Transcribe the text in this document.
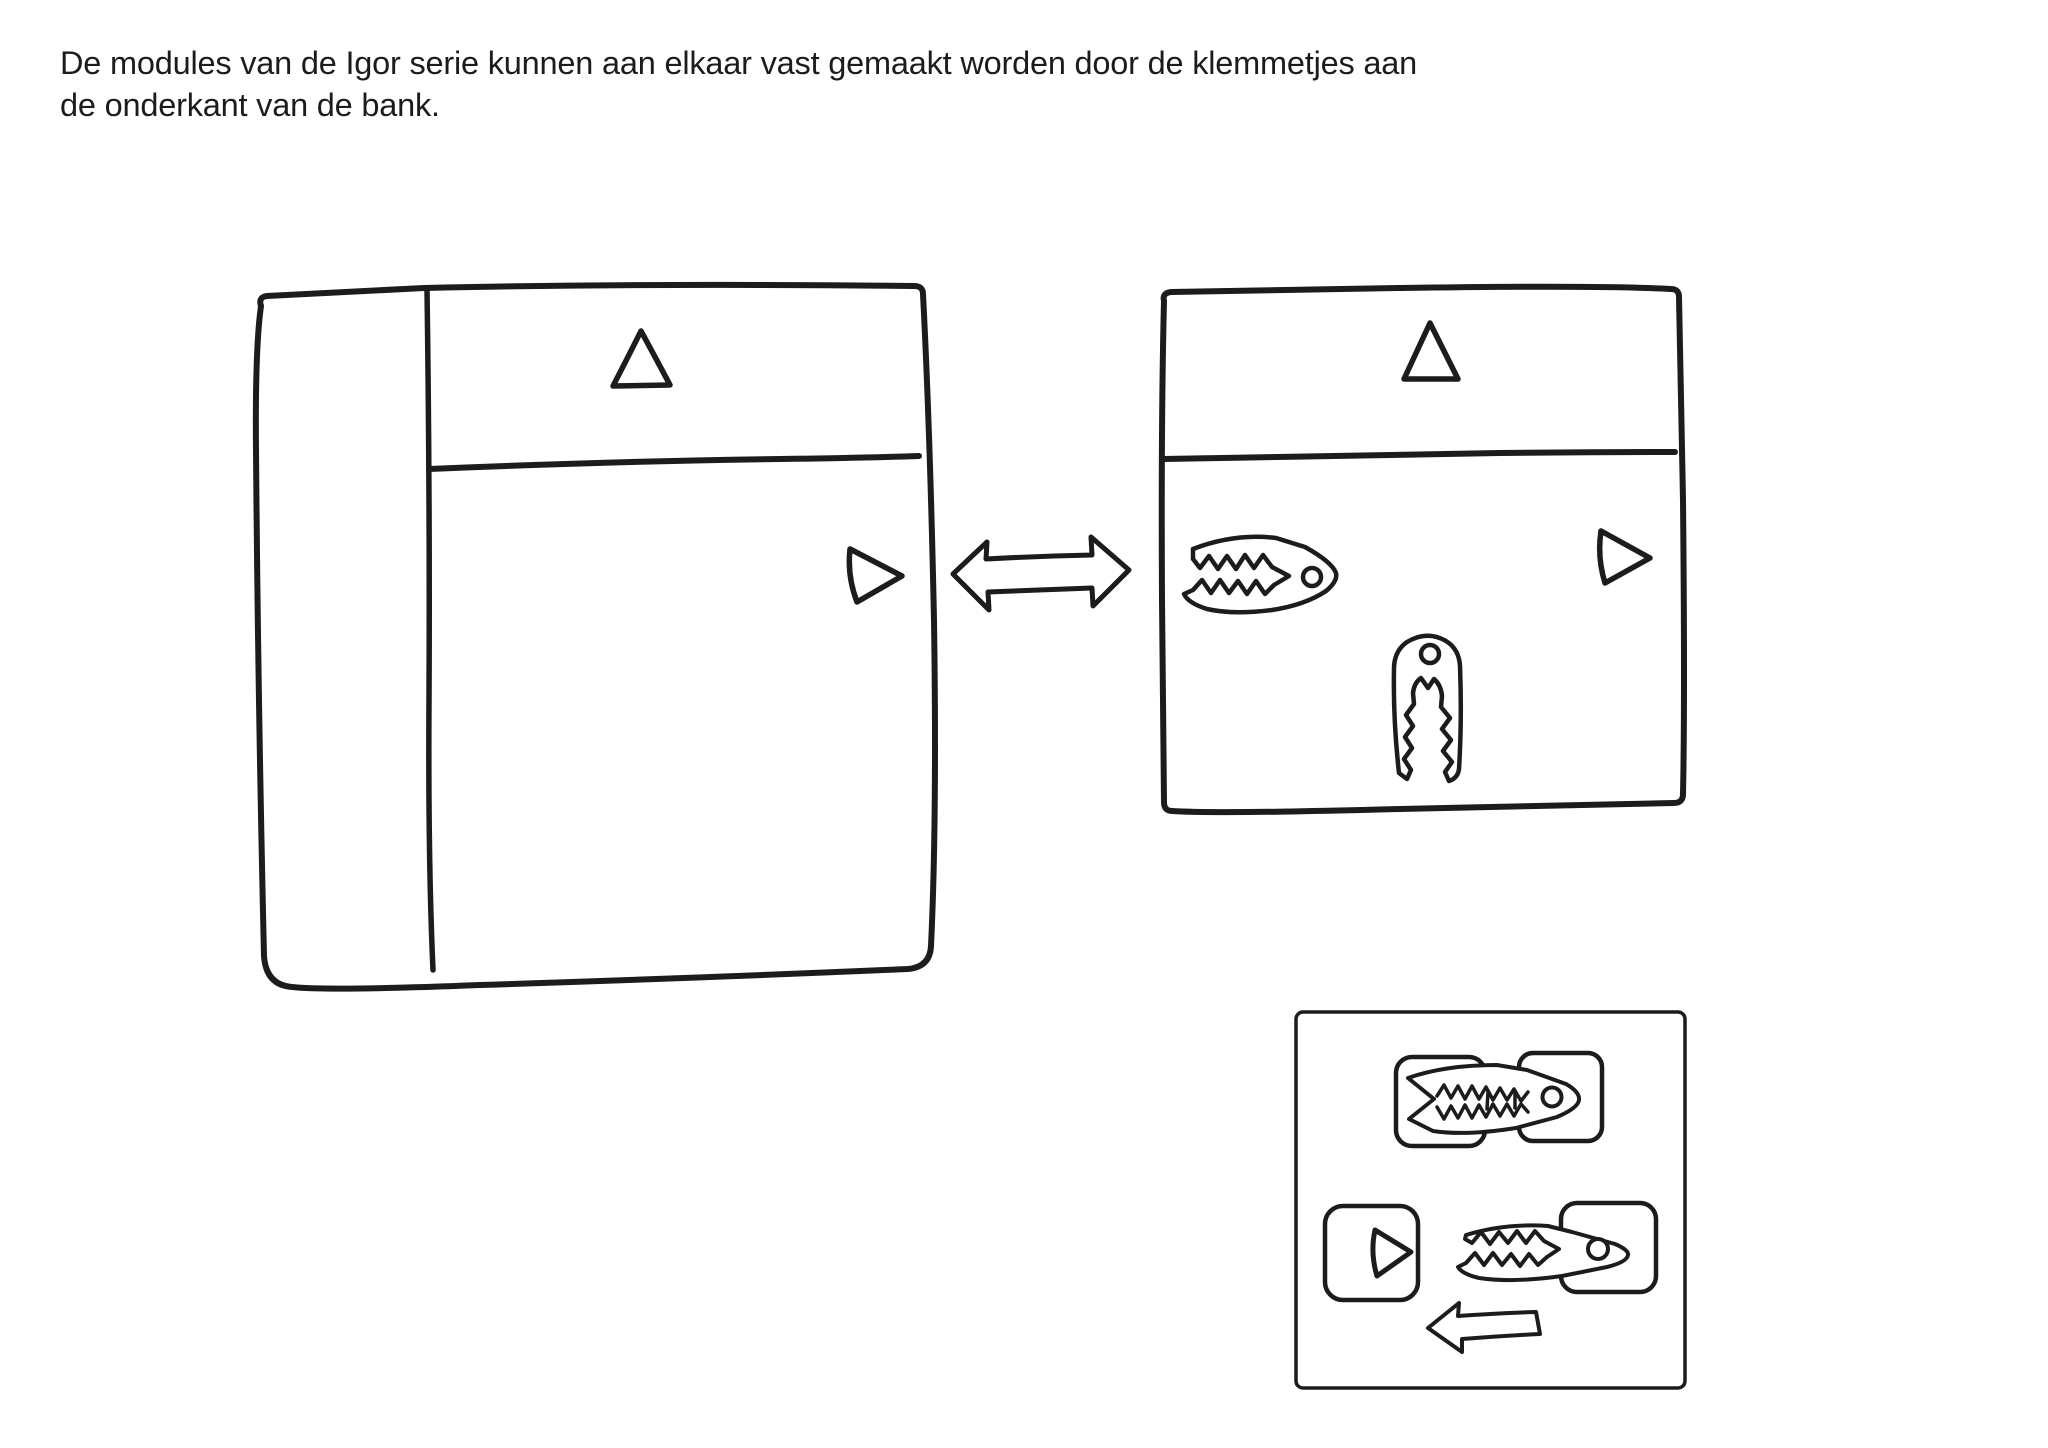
De modules van de Igor serie kunnen aan elkaar vast gemaakt worden door de klemmetjes aan
de onderkant van de bank.
